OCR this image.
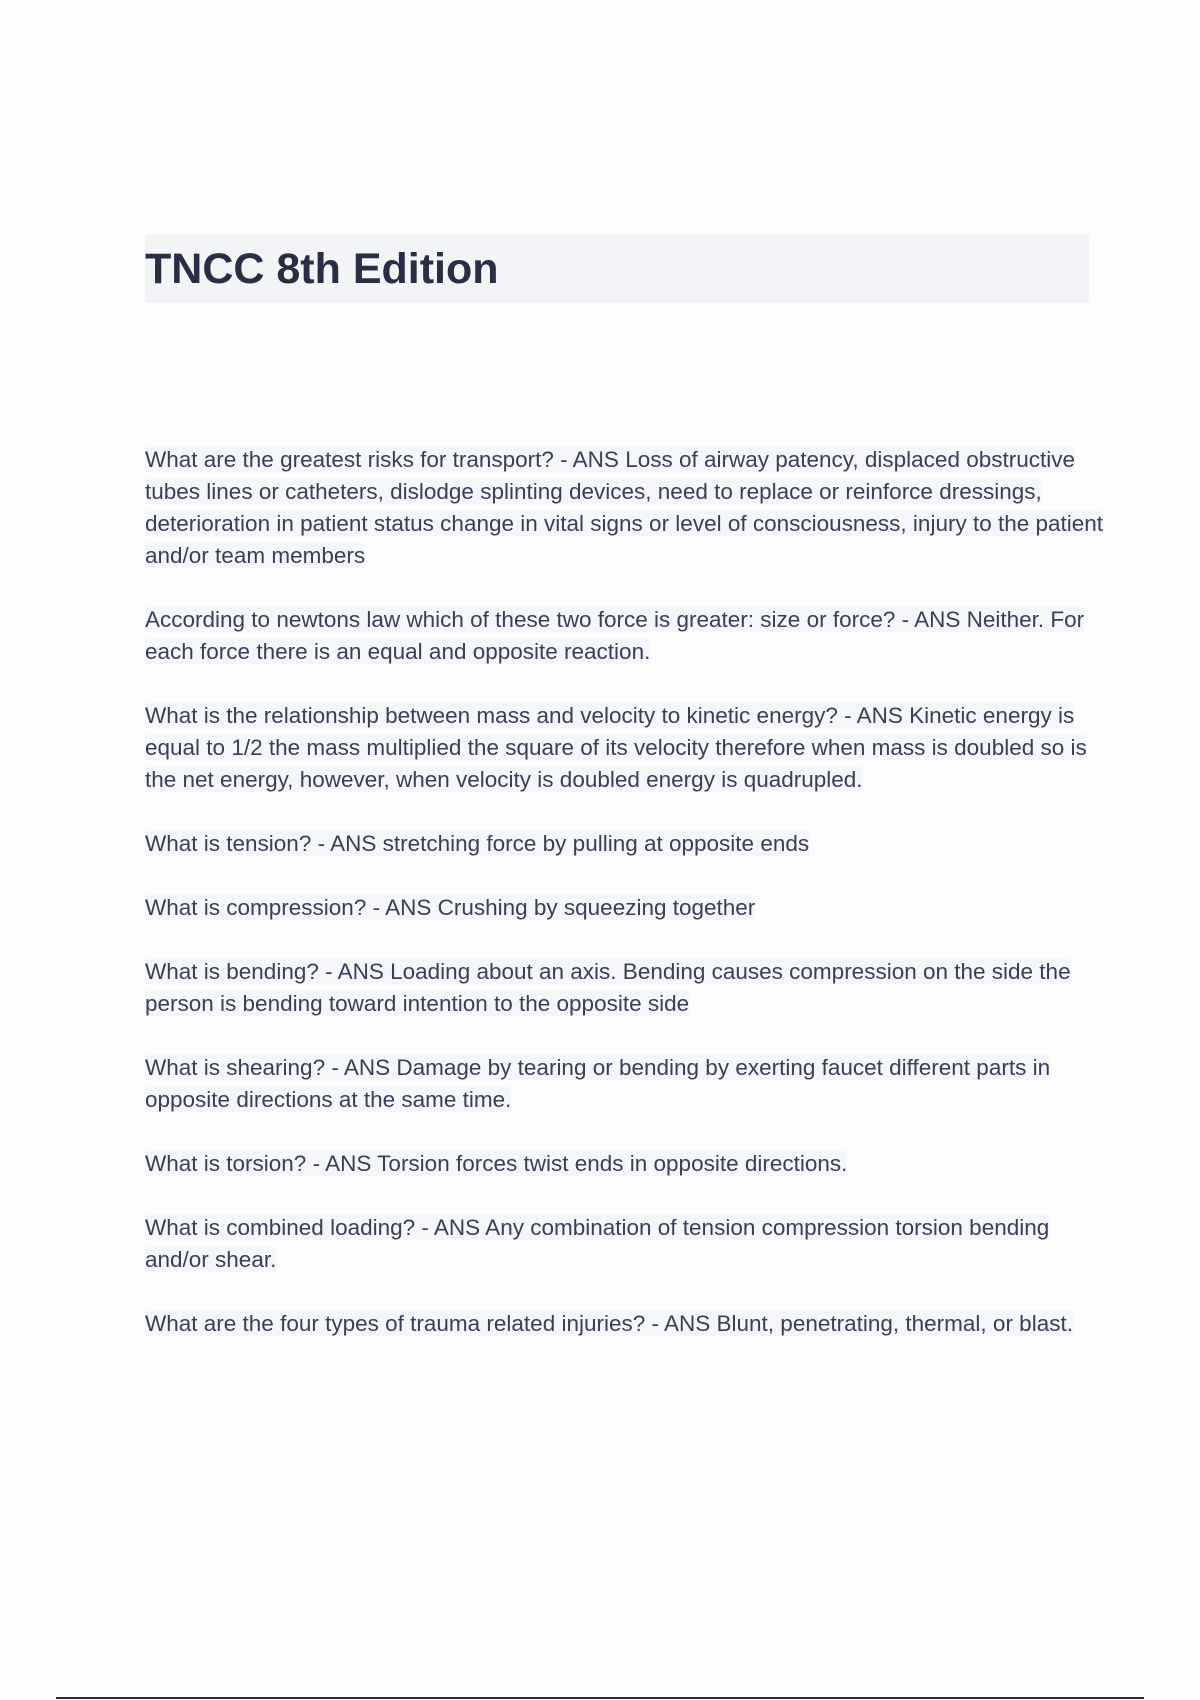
TNCC 8th Edition
What are the greatest risks for transport? - ANS Loss of airway patency, displaced obstructive tubes lines or catheters, dislodge splinting devices, need to replace or reinforce dressings, deterioration in patient status change in vital signs or level of consciousness, injury to the patient and/or team members
According to newtons law which of these two force is greater: size or force? - ANS Neither. For each force there is an equal and opposite reaction.
What is the relationship between mass and velocity to kinetic energy? - ANS Kinetic energy is equal to 1/2 the mass multiplied the square of its velocity therefore when mass is doubled so is the net energy, however, when velocity is doubled energy is quadrupled.
What is tension? - ANS stretching force by pulling at opposite ends
What is compression? - ANS Crushing by squeezing together
What is bending? - ANS Loading about an axis. Bending causes compression on the side the person is bending toward intention to the opposite side
What is shearing? - ANS Damage by tearing or bending by exerting faucet different parts in opposite directions at the same time.
What is torsion? - ANS Torsion forces twist ends in opposite directions.
What is combined loading? - ANS Any combination of tension compression torsion bending and/or shear.
What are the four types of trauma related injuries? - ANS Blunt, penetrating, thermal, or blast.
